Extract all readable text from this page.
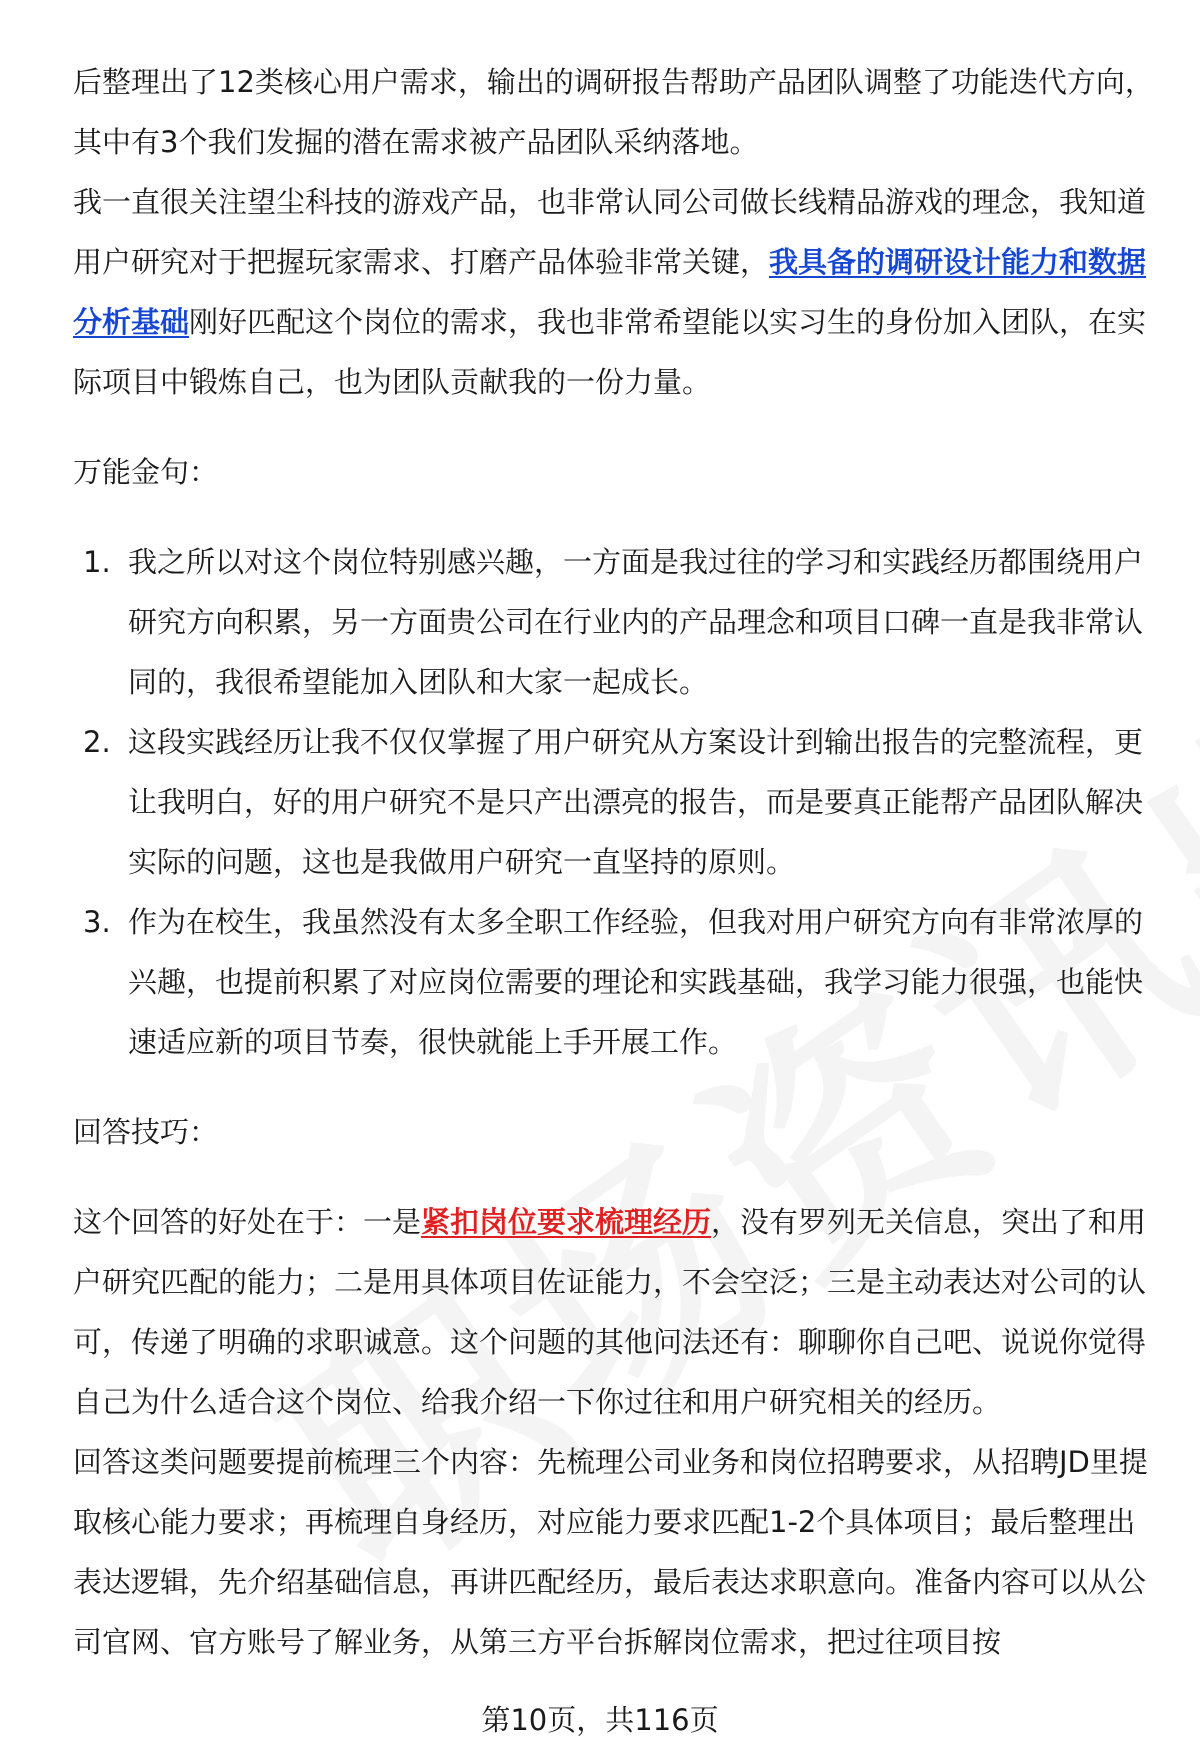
后整理出了12类核心用户需求，输出的调研报告帮助产品团队调整了功能迭代方向，其中有3个我们发掘的潜在需求被产品团队采纳落地。

我一直很关注望尘科技的游戏产品，也非常认同公司做长线精品游戏的理念，我知道用户研究对于把握玩家需求、打磨产品体验非常关键，我具备的调研设计能力和数据分析基础刚好匹配这个岗位的需求，我也非常希望能以实习生的身份加入团队，在实际项目中锻炼自己，也为团队贡献我的一份力量。

万能金句：

1. 我之所以对这个岗位特别感兴趣，一方面是我过往的学习和实践经历都围绕用户研究方向积累，另一方面贵公司在行业内的产品理念和项目口碑一直是我非常认同的，我很希望能加入团队和大家一起成长。
2. 这段实践经历让我不仅仅掌握了用户研究从方案设计到输出报告的完整流程，更让我明白，好的用户研究不是只产出漂亮的报告，而是要真正能帮产品团队解决实际的问题，这也是我做用户研究一直坚持的原则。
3. 作为在校生，我虽然没有太多全职工作经验，但我对用户研究方向有非常浓厚的兴趣，也提前积累了对应岗位需要的理论和实践基础，我学习能力很强，也能快速适应新的项目节奏，很快就能上手开展工作。

回答技巧：

这个回答的好处在于：一是紧扣岗位要求梳理经历，没有罗列无关信息，突出了和用户研究匹配的能力；二是用具体项目佐证能力，不会空泛；三是主动表达对公司的认可，传递了明确的求职诚意。这个问题的其他问法还有：聊聊你自己吧、说说你觉得自己为什么适合这个岗位、给我介绍一下你过往和用户研究相关的经历。

回答这类问题要提前梳理三个内容：先梳理公司业务和岗位招聘要求，从招聘JD里提取核心能力要求；再梳理自身经历，对应能力要求匹配1-2个具体项目；最后整理出表达逻辑，先介绍基础信息，再讲匹配经历，最后表达求职意向。准备内容可以从公司官网、官方账号了解业务，从第三方平台拆解岗位需求，把过往项目按

第10页，共116页
